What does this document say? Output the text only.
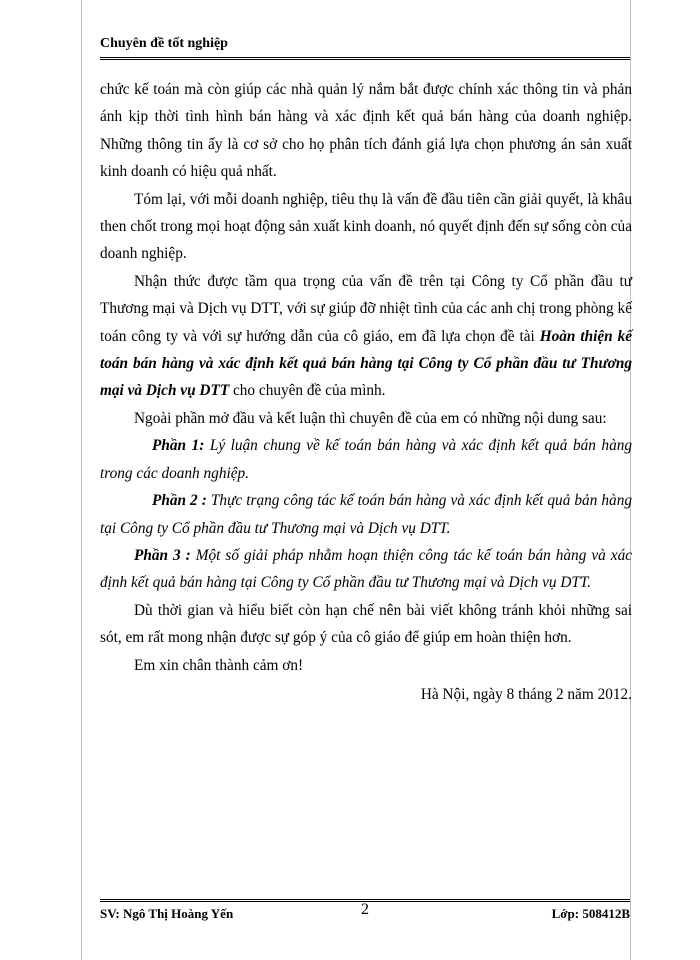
Chuyên đề tốt nghiệp

chức kế toán mà còn giúp các nhà quản lý nắm bắt được chính xác thông tin và phản ánh kịp thời tình hình bán hàng và xác định kết quả bán hàng của doanh nghiệp. Những thông tin ấy là cơ sở cho họ phân tích đánh giá lựa chọn phương án sản xuất kinh doanh có hiệu quả nhất.

Tóm lại, với mỗi doanh nghiệp, tiêu thụ là vấn đề đầu tiên cần giải quyết, là khâu then chốt trong mọi hoạt động sản xuất kinh doanh, nó quyết định đến sự sống còn của doanh nghiệp.

Nhận thức được tầm qua trọng của vấn đề trên tại Công ty Cổ phần đầu tư Thương mại và Dịch vụ DTT, với sự giúp đỡ nhiệt tình của các anh chị trong phòng kế toán công ty và với sự hướng dẫn của cô giáo, em đã lựa chọn đề tài Hoàn thiện kế toán bán hàng và xác định kết quả bán hàng tại Công ty Cổ phần đầu tư Thương mại và Dịch vụ DTT cho chuyên đề của mình.

Ngoài phần mở đầu và kết luận thì chuyên đề của em có những nội dung sau:

Phần 1: Lý luận chung về kế toán bán hàng và xác định kết quả bán hàng trong các doanh nghiệp.

Phần 2 : Thực trạng công tác kế toán bán hàng và xác định kết quả bản hàng tại Công ty Cổ phần đầu tư Thương mại và Dịch vụ DTT.

Phần 3 : Một số giải pháp nhằm hoạn thiện công tác kế toán bán hàng và xác định kết quả bán hàng tại Công ty Cổ phần đầu tư Thương mại và Dịch vụ DTT.

Dù thời gian và hiểu biết còn hạn chế nên bài viết không tránh khỏi những sai sót, em rất mong nhận được sự góp ý của cô giáo để giúp em hoàn thiện hơn.

Em xin chân thành cảm ơn!

Hà Nội, ngày 8 tháng 2 năm 2012.

SV: Ngô Thị Hoàng Yến	2	Lớp: 508412B
